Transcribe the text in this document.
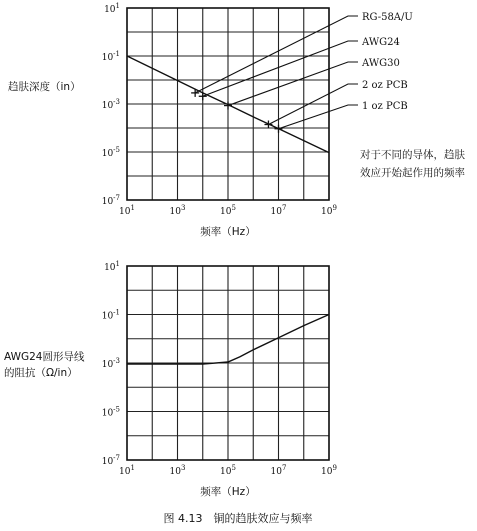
$10^1$	$10^3$	$10^5$	$10^7$	$10^9$
$10^1$
$10^{-1}$
$10^{-3}$
$10^{-5}$
$10^{-7}$
频率（Hz）
趋肤深度（in）
RG-58A/U
AWG24
AWG30
2 oz PCB
1 oz PCB
对于不同的导体，趋肤
效应开始起作用的频率
$10^1$	$10^3$	$10^5$	$10^7$	$10^9$
$10^1$
$10^{-1}$
$10^{-3}$
$10^{-5}$
$10^{-7}$
频率（Hz）
AWG24圆形导线
的阻抗（Ω/in）
图 4.13　铜的趋肤效应与频率
